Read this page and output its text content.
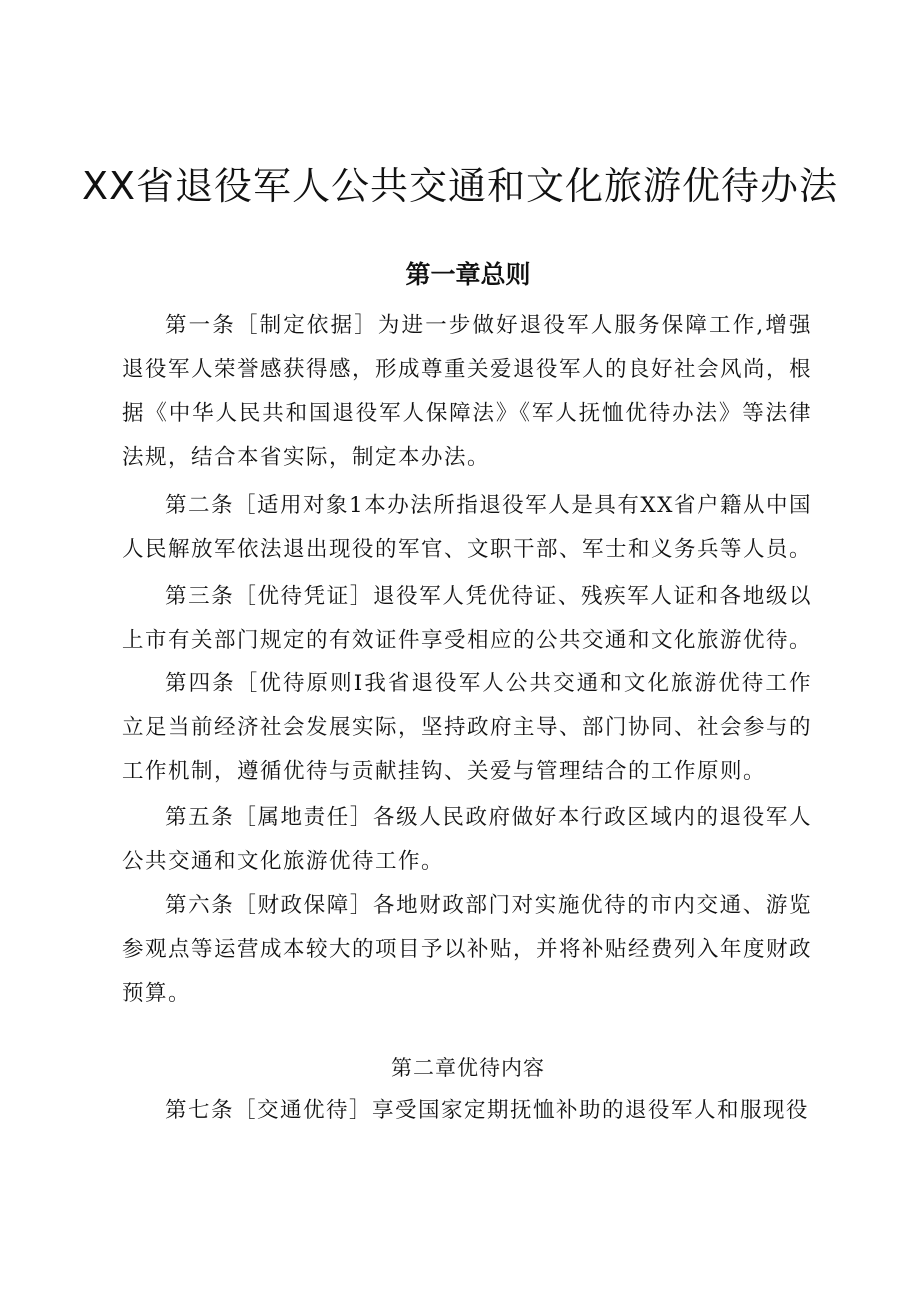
XX省退役军人公共交通和文化旅游优待办法
第一章总则

第一条［制定依据］为进一步做好退役军人服务保障工作,增强退役军人荣誉感获得感，形成尊重关爱退役军人的良好社会风尚，根据《中华人民共和国退役军人保障法》《军人抚恤优待办法》等法律法规，结合本省实际，制定本办法。

第二条［适用对象1本办法所指退役军人是具有XX省户籍从中国人民解放军依法退出现役的军官、文职干部、军士和义务兵等人员。

第三条［优待凭证］退役军人凭优待证、残疾军人证和各地级以上市有关部门规定的有效证件享受相应的公共交通和文化旅游优待。

第四条［优待原则I我省退役军人公共交通和文化旅游优待工作立足当前经济社会发展实际，坚持政府主导、部门协同、社会参与的工作机制，遵循优待与贡献挂钩、关爱与管理结合的工作原则。

第五条［属地责任］各级人民政府做好本行政区域内的退役军人公共交通和文化旅游优待工作。

第六条［财政保障］各地财政部门对实施优待的市内交通、游览参观点等运营成本较大的项目予以补贴，并将补贴经费列入年度财政预算。

第二章优待内容

第七条［交通优待］享受国家定期抚恤补助的退役军人和服现役
